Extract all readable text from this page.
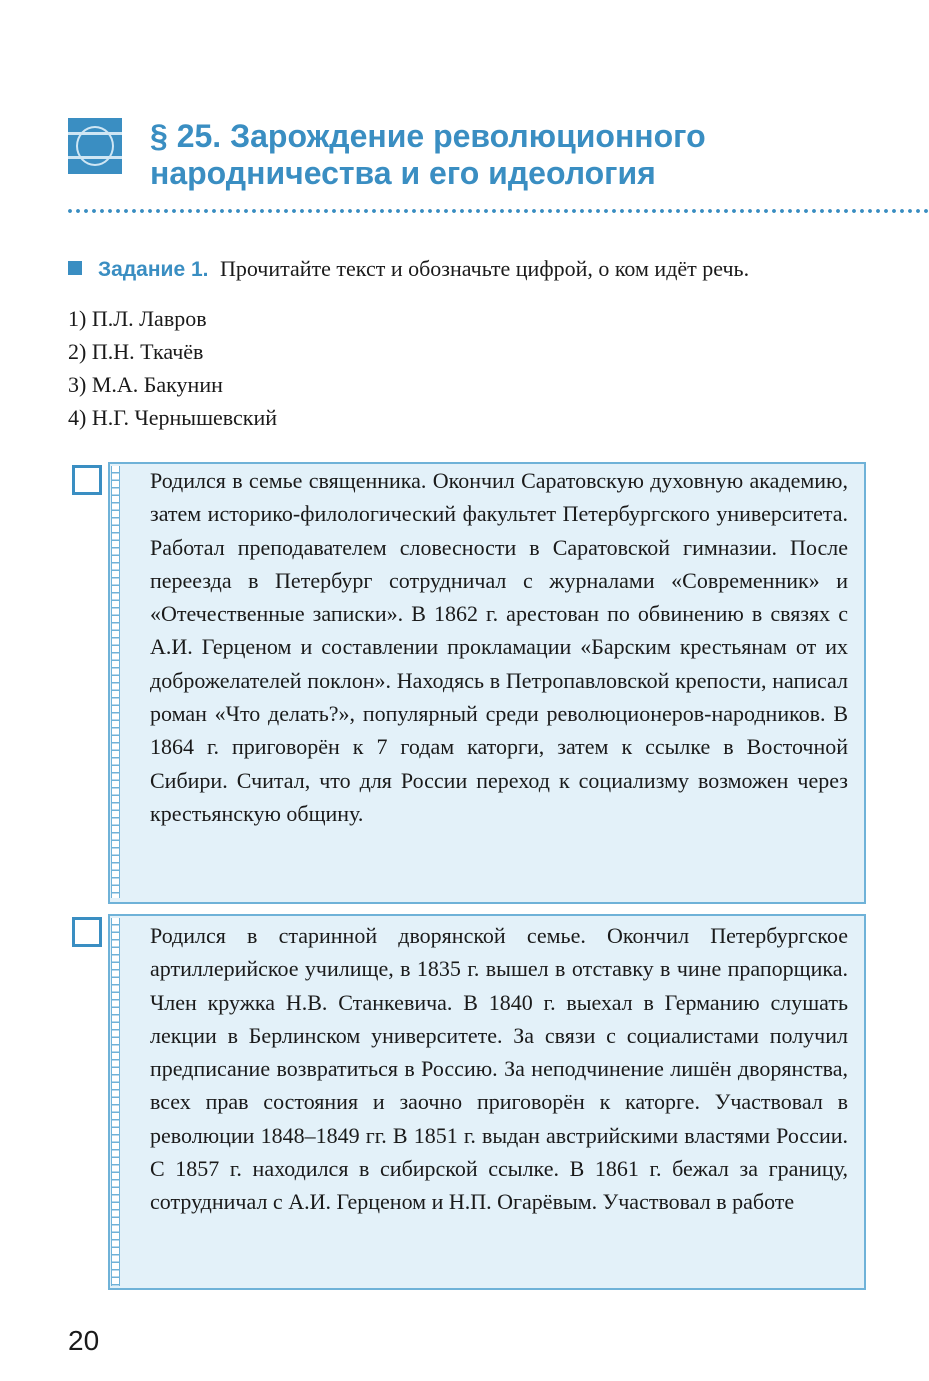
§ 25. Зарождение революционного
народничества и его идеология
Задание 1. Прочитайте текст и обозначьте цифрой, о ком идёт речь.
1) П.Л. Лавров
2) П.Н. Ткачёв
3) М.А. Бакунин
4) Н.Г. Чернышевский

Родился в семье священника. Окончил Саратовскую духовную академию, затем историко-филологический факультет Петербургского университета. Работал преподавателем словесности в Саратовской гимназии. После переезда в Петербург сотрудничал с журналами «Современник» и «Отечественные записки». В 1862 г. арестован по обвинению в связях с А.И. Герценом и составлении прокламации «Барским крестьянам от их доброжелателей поклон». Находясь в Петропавловской крепости, написал роман «Что делать?», популярный среди революционеров-народников. В 1864 г. приговорён к 7 годам каторги, затем к ссылке в Восточной Сибири. Считал, что для России переход к социализму возможен через крестьянскую общину.

Родился в старинной дворянской семье. Окончил Петербургское артиллерийское училище, в 1835 г. вышел в отставку в чине прапорщика. Член кружка Н.В. Станкевича. В 1840 г. выехал в Германию слушать лекции в Берлинском университете. За связи с социалистами получил предписание возвратиться в Россию. За неподчинение лишён дворянства, всех прав состояния и заочно приговорён к каторге. Участвовал в революции 1848–1849 гг. В 1851 г. выдан австрийскими властями России. С 1857 г. находился в сибирской ссылке. В 1861 г. бежал за границу, сотрудничал с А.И. Герценом и Н.П. Огарёвым. Участвовал в работе

20
